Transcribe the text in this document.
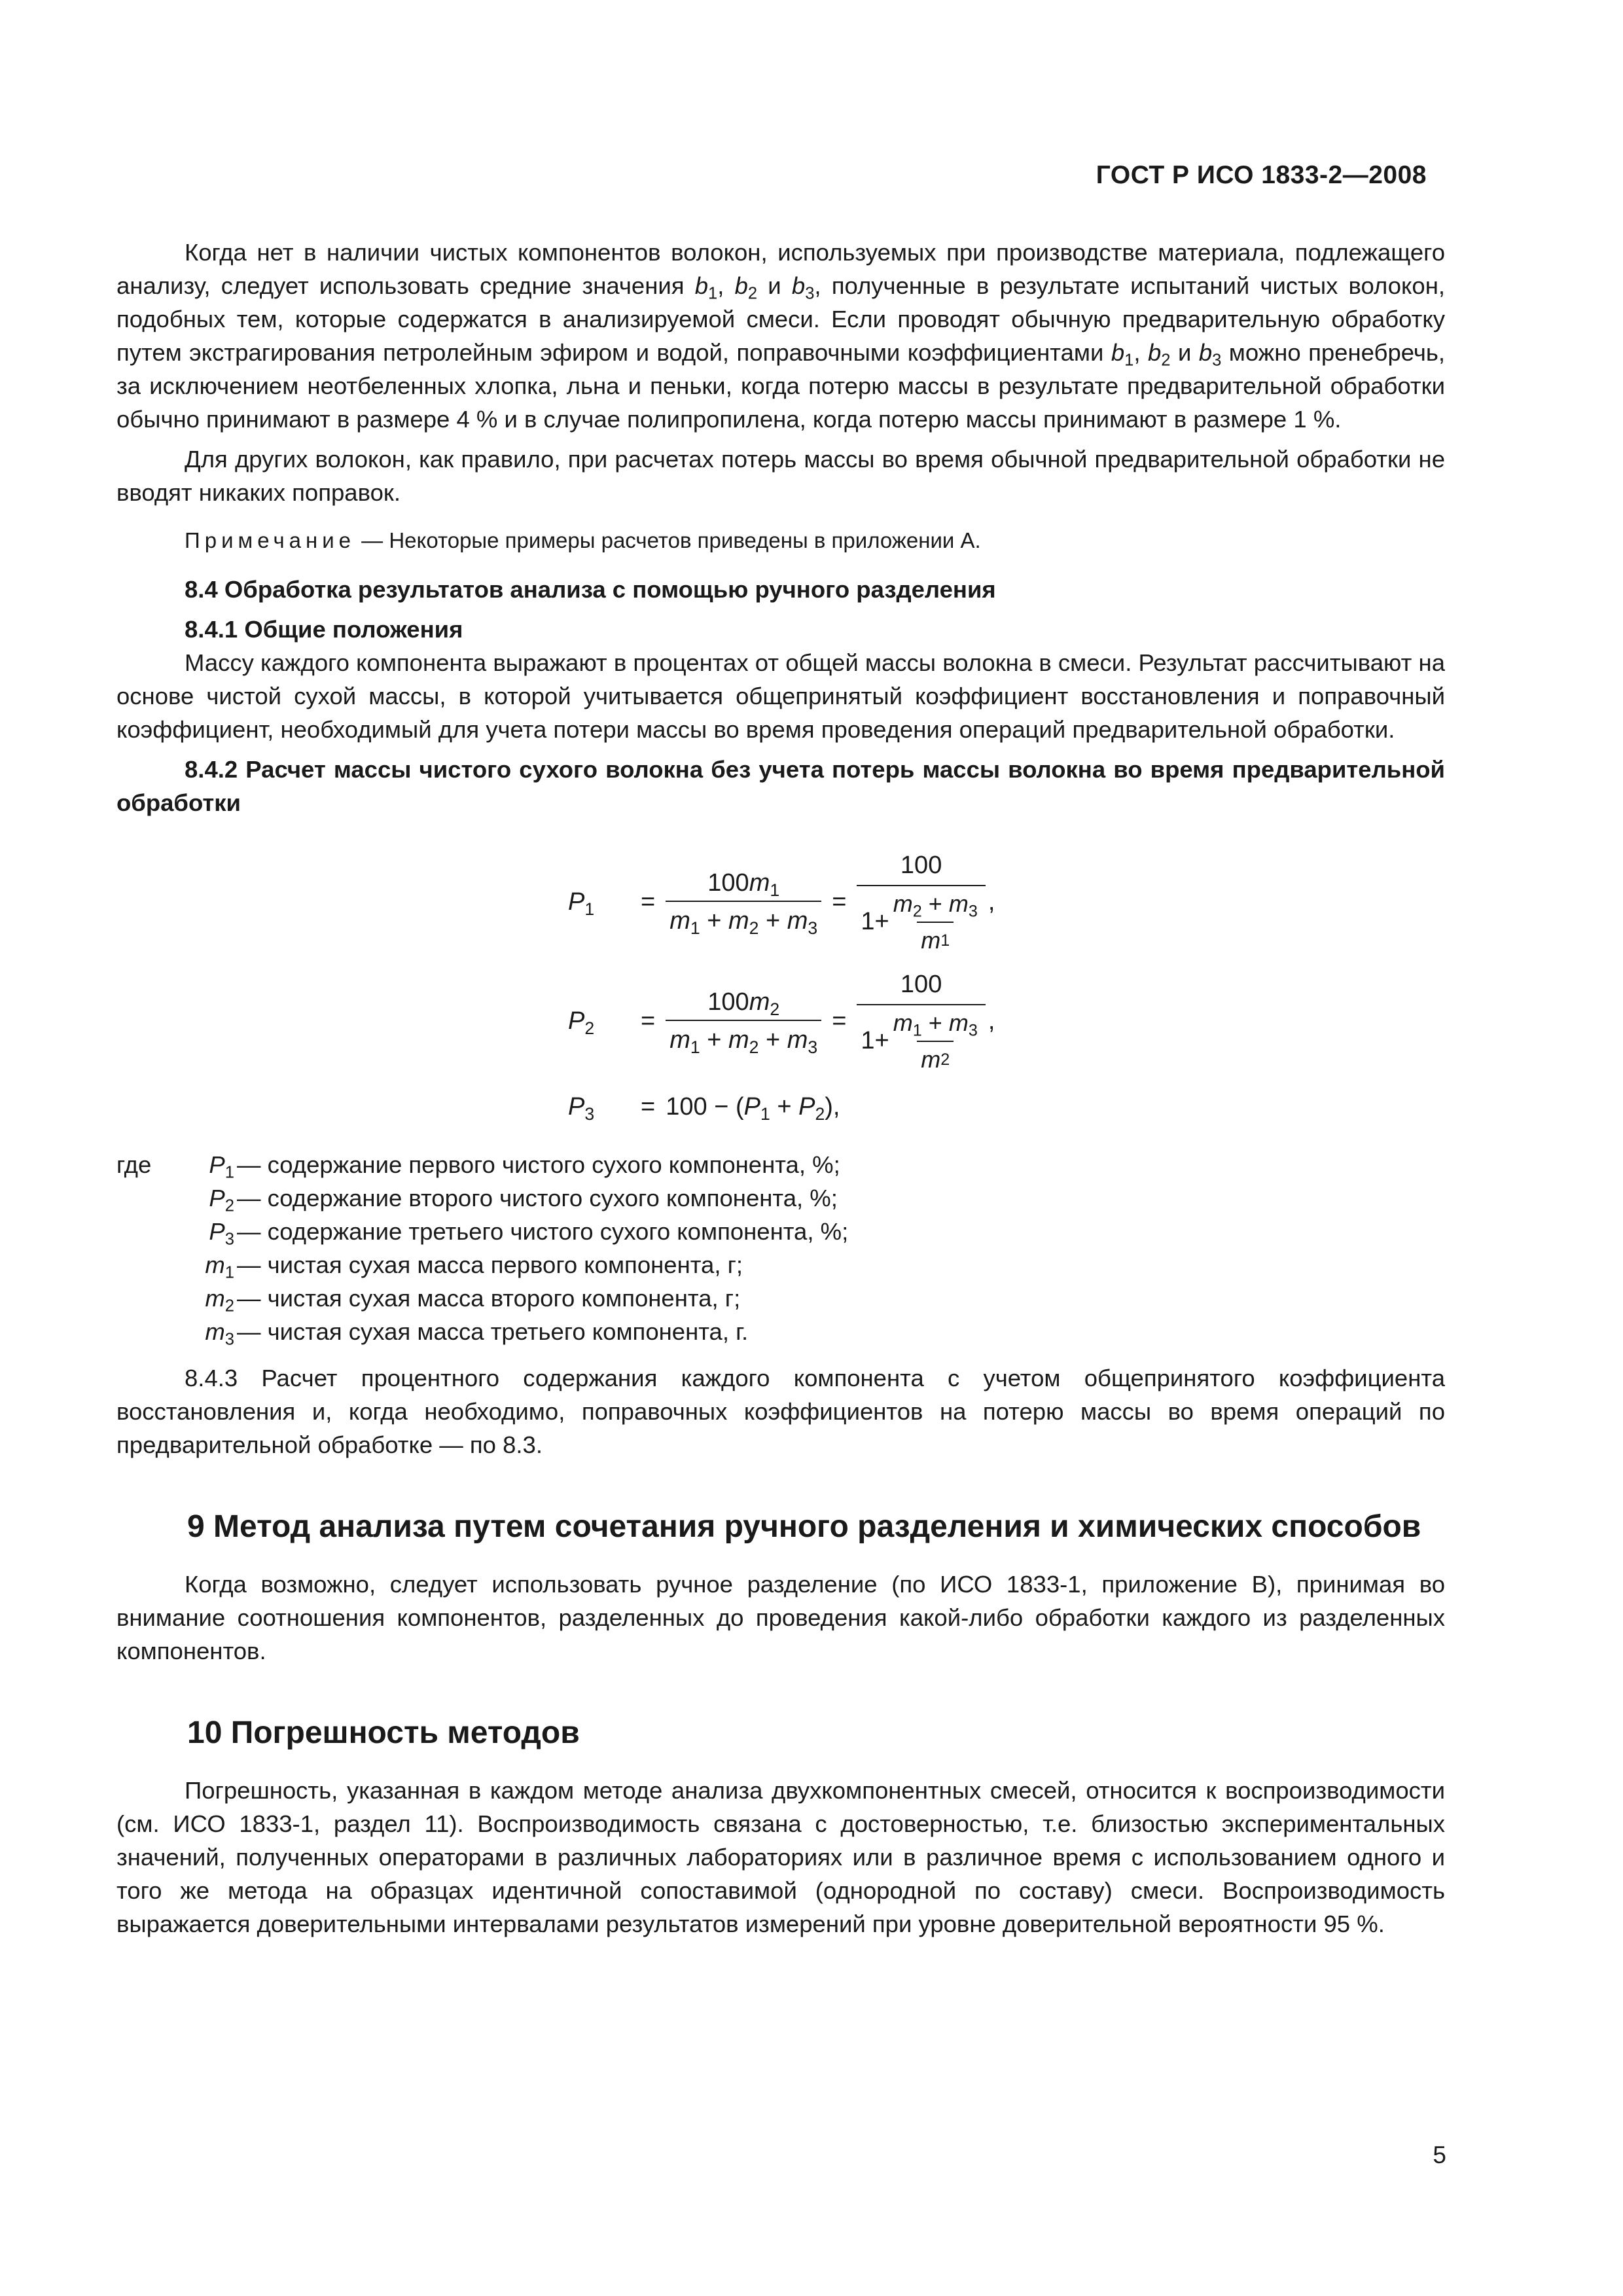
ГОСТ Р ИСО 1833-2—2008

Когда нет в наличии чистых компонентов волокон, используемых при производстве материала, подлежащего анализу, следует использовать средние значения $b_1$, $b_2$ и $b_3$, полученные в результате испытаний чистых волокон, подобных тем, которые содержатся в анализируемой смеси. Если проводят обычную предварительную обработку путем экстрагирования петролейным эфиром и водой, поправочными коэффициентами $b_1$, $b_2$ и $b_3$ можно пренебречь, за исключением неотбеленных хлопка, льна и пеньки, когда потерю массы в результате предварительной обработки обычно принимают в размере 4 % и в случае полипропилена, когда потерю массы принимают в размере 1 %.

Для других волокон, как правило, при расчетах потерь массы во время обычной предварительной обработки не вводят никаких поправок.

Примечание — Некоторые примеры расчетов приведены в приложении А.

8.4 Обработка результатов анализа с помощью ручного разделения

8.4.1 Общие положения

Массу каждого компонента выражают в процентах от общей массы волокна в смеси. Результат рассчитывают на основе чистой сухой массы, в которой учитывается общепринятый коэффициент восстановления и поправочный коэффициент, необходимый для учета потери массы во время проведения операций предварительной обработки.

8.4.2 Расчет массы чистого сухого волокна без учета потерь массы волокна во время предварительной обработки

$P_1$	= $\frac{100m_1}{m_1 + m_2 + m_3} = \frac{100}{1+ \frac{m_2 + m_3}{m 1}}$ ,
$P_2$	= $\frac{100m_2}{m_1 + m_2 + m_3} = \frac{100}{1+ \frac{m_1 + m_3}{m 2}}$ ,
$P_3$	= $100 - (P_1 + P_2)$,
где	$P_1$ — содержание первого чистого сухого компонента, %;
$P_2$ — содержание второго чистого сухого компонента, %;
$P_3$ — содержание третьего чистого сухого компонента, %;
$m_1$ — чистая сухая масса первого компонента, г;
$m_2$ — чистая сухая масса второго компонента, г;
$m_3$ — чистая сухая масса третьего компонента, г.

8.4.3 Расчет процентного содержания каждого компонента с учетом общепринятого коэффициента восстановления и, когда необходимо, поправочных коэффициентов на потерю массы во время операций по предварительной обработке — по 8.3.

9 Метод анализа путем сочетания ручного разделения и химических способов

Когда возможно, следует использовать ручное разделение (по ИСО 1833-1, приложение В), принимая во внимание соотношения компонентов, разделенных до проведения какой-либо обработки каждого из разделенных компонентов.

10 Погрешность методов

Погрешность, указанная в каждом методе анализа двухкомпонентных смесей, относится к воспроизводимости (см. ИСО 1833-1, раздел 11). Воспроизводимость связана с достоверностью, т.е. близостью экспериментальных значений, полученных операторами в различных лабораториях или в различное время с использованием одного и того же метода на образцах идентичной сопоставимой (однородной по составу) смеси. Воспроизводимость выражается доверительными интервалами результатов измерений при уровне доверительной вероятности 95 %.

5
